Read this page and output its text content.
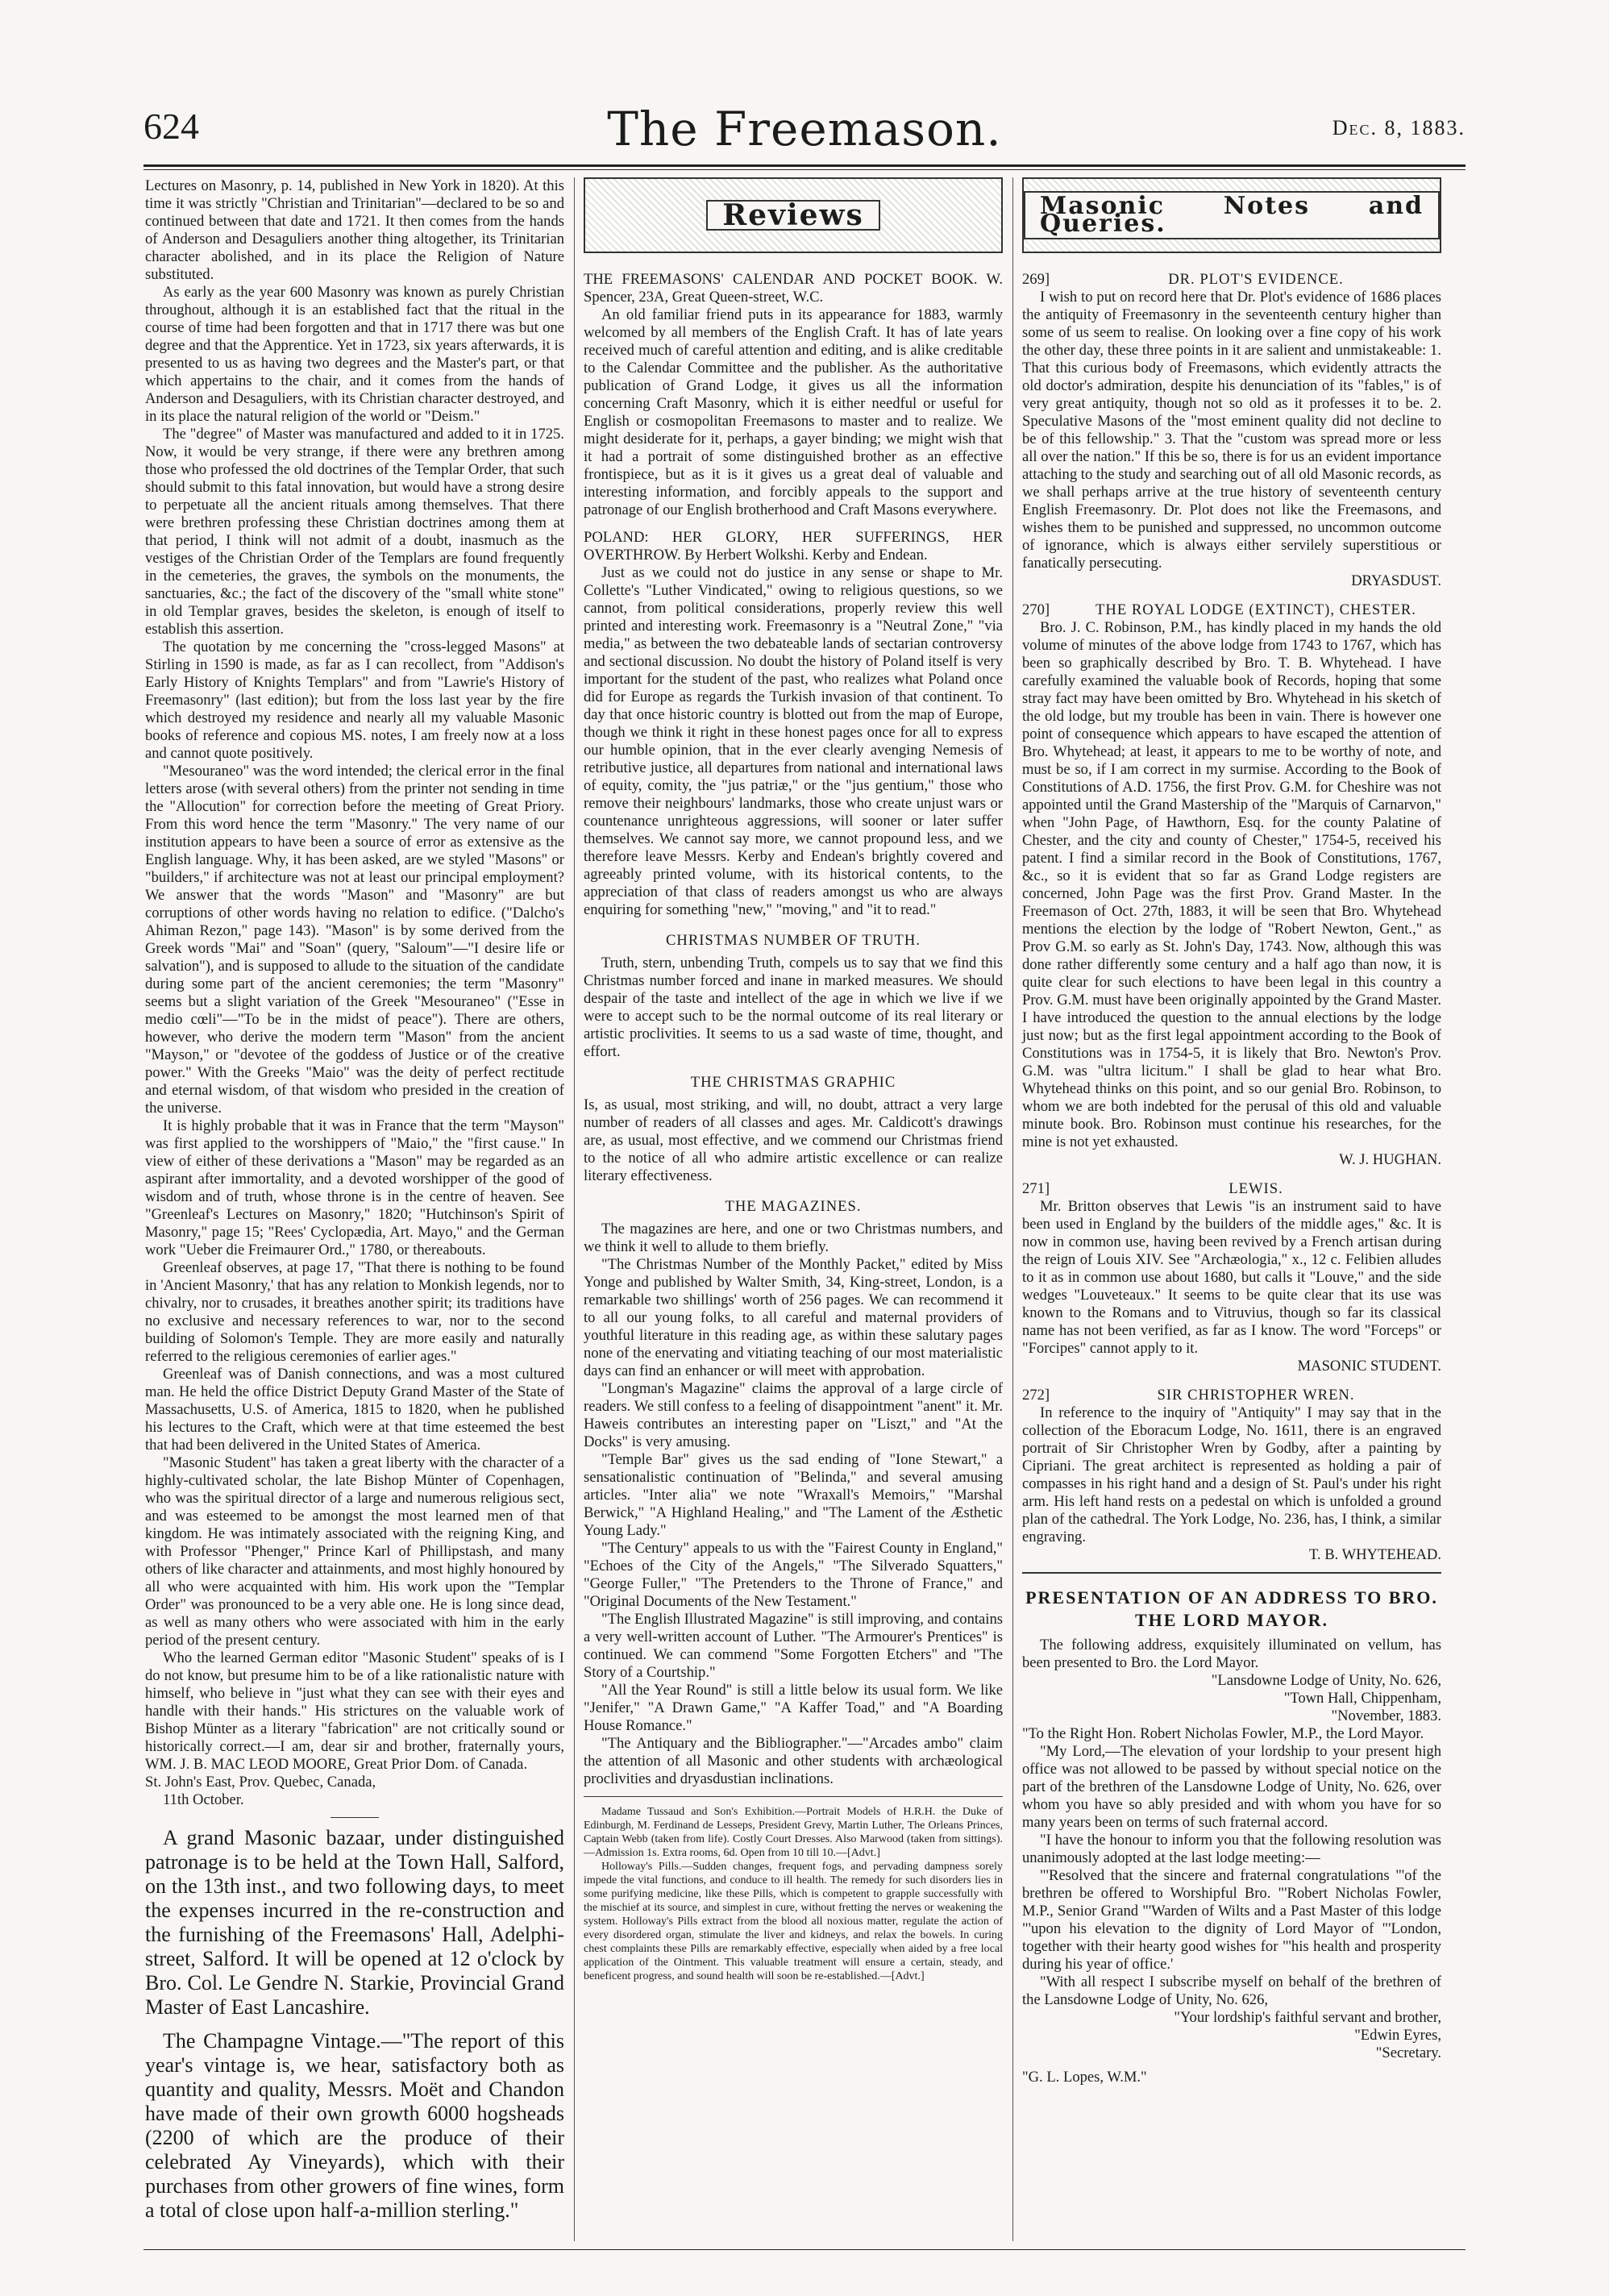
624	The Freemason.	Dec. 8, 1883.

Lectures on Masonry, p. 14, published in New York in 1820). At this time it was strictly "Christian and Trinitarian"—declared to be so and continued between that date and 1721. It then comes from the hands of Anderson and Desaguliers another thing altogether, its Trinitarian character abolished, and in its place the Religion of Nature substituted.

As early as the year 600 Masonry was known as purely Christian throughout, although it is an established fact that the ritual in the course of time had been forgotten and that in 1717 there was but one degree and that the Apprentice. Yet in 1723, six years afterwards, it is presented to us as having two degrees and the Master's part, or that which appertains to the chair, and it comes from the hands of Anderson and Desaguliers, with its Christian character destroyed, and in its place the natural religion of the world or "Deism."

The "degree" of Master was manufactured and added to it in 1725. Now, it would be very strange, if there were any brethren among those who professed the old doctrines of the Templar Order, that such should submit to this fatal innovation, but would have a strong desire to perpetuate all the ancient rituals among themselves. That there were brethren professing these Christian doctrines among them at that period, I think will not admit of a doubt, inasmuch as the vestiges of the Christian Order of the Templars are found frequently in the cemeteries, the graves, the symbols on the monuments, the sanctuaries, &c.; the fact of the discovery of the "small white stone" in old Templar graves, besides the skeleton, is enough of itself to establish this assertion.

The quotation by me concerning the "cross-legged Masons" at Stirling in 1590 is made, as far as I can recollect, from "Addison's Early History of Knights Templars" and from "Lawrie's History of Freemasonry" (last edition); but from the loss last year by the fire which destroyed my residence and nearly all my valuable Masonic books of reference and copious MS. notes, I am freely now at a loss and cannot quote positively.

"Mesouraneo" was the word intended; the clerical error in the final letters arose (with several others) from the printer not sending in time the "Allocution" for correction before the meeting of Great Priory. From this word hence the term "Masonry." The very name of our institution appears to have been a source of error as extensive as the English language. Why, it has been asked, are we styled "Masons" or "builders," if architecture was not at least our principal employment? We answer that the words "Mason" and "Masonry" are but corruptions of other words having no relation to edifice. ("Dalcho's Ahiman Rezon," page 143). "Mason" is by some derived from the Greek words "Mai" and "Soan" (query, "Saloum"—"I desire life or salvation"), and is supposed to allude to the situation of the candidate during some part of the ancient ceremonies; the term "Masonry" seems but a slight variation of the Greek "Mesouraneo" ("Esse in medio cœli"—"To be in the midst of peace"). There are others, however, who derive the modern term "Mason" from the ancient "Mayson," or "devotee of the goddess of Justice or of the creative power." With the Greeks "Maio" was the deity of perfect rectitude and eternal wisdom, of that wisdom who presided in the creation of the universe.

It is highly probable that it was in France that the term "Mayson" was first applied to the worshippers of "Maio," the "first cause." In view of either of these derivations a "Mason" may be regarded as an aspirant after immortality, and a devoted worshipper of the good of wisdom and of truth, whose throne is in the centre of heaven. See "Greenleaf's Lectures on Masonry," 1820; "Hutchinson's Spirit of Masonry," page 15; "Rees' Cyclopædia, Art. Mayo," and the German work "Ueber die Freimaurer Ord.," 1780, or thereabouts.

Greenleaf observes, at page 17, "That there is nothing to be found in 'Ancient Masonry,' that has any relation to Monkish legends, nor to chivalry, nor to crusades, it breathes another spirit; its traditions have no exclusive and necessary references to war, nor to the second building of Solomon's Temple. They are more easily and naturally referred to the religious ceremonies of earlier ages."

Greenleaf was of Danish connections, and was a most cultured man. He held the office District Deputy Grand Master of the State of Massachusetts, U.S. of America, 1815 to 1820, when he published his lectures to the Craft, which were at that time esteemed the best that had been delivered in the United States of America.

"Masonic Student" has taken a great liberty with the character of a highly-cultivated scholar, the late Bishop Münter of Copenhagen, who was the spiritual director of a large and numerous religious sect, and was esteemed to be amongst the most learned men of that kingdom. He was intimately associated with the reigning King, and with Professor "Phenger," Prince Karl of Phillipstash, and many others of like character and attainments, and most highly honoured by all who were acquainted with him. His work upon the "Templar Order" was pronounced to be a very able one. He is long since dead, as well as many others who were associated with him in the early period of the present century.

Who the learned German editor "Masonic Student" speaks of is I do not know, but presume him to be of a like rationalistic nature with himself, who believe in "just what they can see with their eyes and handle with their hands." His strictures on the valuable work of Bishop Münter as a literary "fabrication" are not critically sound or historically correct.—I am, dear sir and brother, fraternally yours, WM. J. B. MAC LEOD MOORE, Great Prior Dom. of Canada.

St. John's East, Prov. Quebec, Canada,

11th October.

A grand Masonic bazaar, under distinguished patronage is to be held at the Town Hall, Salford, on the 13th inst., and two following days, to meet the expenses incurred in the re-construction and the furnishing of the Freemasons' Hall, Adelphi-street, Salford. It will be opened at 12 o'clock by Bro. Col. Le Gendre N. Starkie, Provincial Grand Master of East Lancashire.

The Champagne Vintage.—"The report of this year's vintage is, we hear, satisfactory both as quantity and quality, Messrs. Moët and Chandon have made of their own growth 6000 hogsheads (2200 of which are the produce of their celebrated Ay Vineyards), which with their purchases from other growers of fine wines, form a total of close upon half-a-million sterling."

Reviews

THE FREEMASONS' CALENDAR AND POCKET BOOK. W. Spencer, 23A, Great Queen-street, W.C.

An old familiar friend puts in its appearance for 1883, warmly welcomed by all members of the English Craft. It has of late years received much of careful attention and editing, and is alike creditable to the Calendar Committee and the publisher. As the authoritative publication of Grand Lodge, it gives us all the information concerning Craft Masonry, which it is either needful or useful for English or cosmopolitan Freemasons to master and to realize. We might desiderate for it, perhaps, a gayer binding; we might wish that it had a portrait of some distinguished brother as an effective frontispiece, but as it is it gives us a great deal of valuable and interesting information, and forcibly appeals to the support and patronage of our English brotherhood and Craft Masons everywhere.

POLAND: HER GLORY, HER SUFFERINGS, HER OVERTHROW. By Herbert Wolkshi. Kerby and Endean.

Just as we could not do justice in any sense or shape to Mr. Collette's "Luther Vindicated," owing to religious questions, so we cannot, from political considerations, properly review this well printed and interesting work. Freemasonry is a "Neutral Zone," "via media," as between the two debateable lands of sectarian controversy and sectional discussion. No doubt the history of Poland itself is very important for the student of the past, who realizes what Poland once did for Europe as regards the Turkish invasion of that continent. To day that once historic country is blotted out from the map of Europe, though we think it right in these honest pages once for all to express our humble opinion, that in the ever clearly avenging Nemesis of retributive justice, all departures from national and international laws of equity, comity, the "jus patriæ," or the "jus gentium," those who remove their neighbours' landmarks, those who create unjust wars or countenance unrighteous aggressions, will sooner or later suffer themselves. We cannot say more, we cannot propound less, and we therefore leave Messrs. Kerby and Endean's brightly covered and agreeably printed volume, with its historical contents, to the appreciation of that class of readers amongst us who are always enquiring for something "new," "moving," and "it to read."

CHRISTMAS NUMBER OF TRUTH.

Truth, stern, unbending Truth, compels us to say that we find this Christmas number forced and inane in marked measures. We should despair of the taste and intellect of the age in which we live if we were to accept such to be the normal outcome of its real literary or artistic proclivities. It seems to us a sad waste of time, thought, and effort.

THE CHRISTMAS GRAPHIC

Is, as usual, most striking, and will, no doubt, attract a very large number of readers of all classes and ages. Mr. Caldicott's drawings are, as usual, most effective, and we commend our Christmas friend to the notice of all who admire artistic excellence or can realize literary effectiveness.

THE MAGAZINES.

The magazines are here, and one or two Christmas numbers, and we think it well to allude to them briefly.

"The Christmas Number of the Monthly Packet," edited by Miss Yonge and published by Walter Smith, 34, King-street, London, is a remarkable two shillings' worth of 256 pages. We can recommend it to all our young folks, to all careful and maternal providers of youthful literature in this reading age, as within these salutary pages none of the enervating and vitiating teaching of our most materialistic days can find an enhancer or will meet with approbation.

"Longman's Magazine" claims the approval of a large circle of readers. We still confess to a feeling of disappointment "anent" it. Mr. Haweis contributes an interesting paper on "Liszt," and "At the Docks" is very amusing.

"Temple Bar" gives us the sad ending of "Ione Stewart," a sensationalistic continuation of "Belinda," and several amusing articles. "Inter alia" we note "Wraxall's Memoirs," "Marshal Berwick," "A Highland Healing," and "The Lament of the Æsthetic Young Lady."

"The Century" appeals to us with the "Fairest County in England," "Echoes of the City of the Angels," "The Silverado Squatters," "George Fuller," "The Pretenders to the Throne of France," and "Original Documents of the New Testament."

"The English Illustrated Magazine" is still improving, and contains a very well-written account of Luther. "The Armourer's Prentices" is continued. We can commend "Some Forgotten Etchers" and "The Story of a Courtship."

"All the Year Round" is still a little below its usual form. We like "Jenifer," "A Drawn Game," "A Kaffer Toad," and "A Boarding House Romance."

"The Antiquary and the Bibliographer."—"Arcades ambo" claim the attention of all Masonic and other students with archæological proclivities and dryasdustian inclinations.

Madame Tussaud and Son's Exhibition.—Portrait Models of H.R.H. the Duke of Edinburgh, M. Ferdinand de Lesseps, President Grevy, Martin Luther, The Orleans Princes, Captain Webb (taken from life). Costly Court Dresses. Also Marwood (taken from sittings).—Admission 1s. Extra rooms, 6d. Open from 10 till 10.—[Advt.]

Holloway's Pills.—Sudden changes, frequent fogs, and pervading dampness sorely impede the vital functions, and conduce to ill health. The remedy for such disorders lies in some purifying medicine, like these Pills, which is competent to grapple successfully with the mischief at its source, and simplest in cure, without fretting the nerves or weakening the system. Holloway's Pills extract from the blood all noxious matter, regulate the action of every disordered organ, stimulate the liver and kidneys, and relax the bowels. In curing chest complaints these Pills are remarkably effective, especially when aided by a free local application of the Ointment. This valuable treatment will ensure a certain, steady, and beneficent progress, and sound health will soon be re-established.—[Advt.]

Masonic Notes and Queries.

269]	DR. PLOT'S EVIDENCE.

I wish to put on record here that Dr. Plot's evidence of 1686 places the antiquity of Freemasonry in the seventeenth century higher than some of us seem to realise. On looking over a fine copy of his work the other day, these three points in it are salient and unmistakeable: 1. That this curious body of Freemasons, which evidently attracts the old doctor's admiration, despite his denunciation of its "fables," is of very great antiquity, though not so old as it professes it to be. 2. Speculative Masons of the "most eminent quality did not decline to be of this fellowship." 3. That the "custom was spread more or less all over the nation." If this be so, there is for us an evident importance attaching to the study and searching out of all old Masonic records, as we shall perhaps arrive at the true history of seventeenth century English Freemasonry. Dr. Plot does not like the Freemasons, and wishes them to be punished and suppressed, no uncommon outcome of ignorance, which is always either servilely superstitious or fanatically persecuting.

DRYASDUST.

270]	THE ROYAL LODGE (EXTINCT), CHESTER.

Bro. J. C. Robinson, P.M., has kindly placed in my hands the old volume of minutes of the above lodge from 1743 to 1767, which has been so graphically described by Bro. T. B. Whytehead. I have carefully examined the valuable book of Records, hoping that some stray fact may have been omitted by Bro. Whytehead in his sketch of the old lodge, but my trouble has been in vain. There is however one point of consequence which appears to have escaped the attention of Bro. Whytehead; at least, it appears to me to be worthy of note, and must be so, if I am correct in my surmise. According to the Book of Constitutions of A.D. 1756, the first Prov. G.M. for Cheshire was not appointed until the Grand Mastership of the "Marquis of Carnarvon," when "John Page, of Hawthorn, Esq. for the county Palatine of Chester, and the city and county of Chester," 1754-5, received his patent. I find a similar record in the Book of Constitutions, 1767, &c., so it is evident that so far as Grand Lodge registers are concerned, John Page was the first Prov. Grand Master. In the Freemason of Oct. 27th, 1883, it will be seen that Bro. Whytehead mentions the election by the lodge of "Robert Newton, Gent.," as Prov G.M. so early as St. John's Day, 1743. Now, although this was done rather differently some century and a half ago than now, it is quite clear for such elections to have been legal in this country a Prov. G.M. must have been originally appointed by the Grand Master. I have introduced the question to the annual elections by the lodge just now; but as the first legal appointment according to the Book of Constitutions was in 1754-5, it is likely that Bro. Newton's Prov. G.M. was "ultra licitum." I shall be glad to hear what Bro. Whytehead thinks on this point, and so our genial Bro. Robinson, to whom we are both indebted for the perusal of this old and valuable minute book. Bro. Robinson must continue his researches, for the mine is not yet exhausted.

W. J. HUGHAN.

271]	LEWIS.

Mr. Britton observes that Lewis "is an instrument said to have been used in England by the builders of the middle ages," &c. It is now in common use, having been revived by a French artisan during the reign of Louis XIV. See "Archæologia," x., 12 c. Felibien alludes to it as in common use about 1680, but calls it "Louve," and the side wedges "Louveteaux." It seems to be quite clear that its use was known to the Romans and to Vitruvius, though so far its classical name has not been verified, as far as I know. The word "Forceps" or "Forcipes" cannot apply to it.

MASONIC STUDENT.

272]	SIR CHRISTOPHER WREN.

In reference to the inquiry of "Antiquity" I may say that in the collection of the Eboracum Lodge, No. 1611, there is an engraved portrait of Sir Christopher Wren by Godby, after a painting by Cipriani. The great architect is represented as holding a pair of compasses in his right hand and a design of St. Paul's under his right arm. His left hand rests on a pedestal on which is unfolded a ground plan of the cathedral. The York Lodge, No. 236, has, I think, a similar engraving.

T. B. WHYTEHEAD.

PRESENTATION OF AN ADDRESS TO BRO. THE LORD MAYOR.

The following address, exquisitely illuminated on vellum, has been presented to Bro. the Lord Mayor.

"Lansdowne Lodge of Unity, No. 626,

"Town Hall, Chippenham,

"November, 1883.

"To the Right Hon. Robert Nicholas Fowler, M.P., the Lord Mayor.

"My Lord,—The elevation of your lordship to your present high office was not allowed to be passed by without special notice on the part of the brethren of the Lansdowne Lodge of Unity, No. 626, over whom you have so ably presided and with whom you have for so many years been on terms of such fraternal accord.

"I have the honour to inform you that the following resolution was unanimously adopted at the last lodge meeting:—

"'Resolved that the sincere and fraternal congratulations "'of the brethren be offered to Worshipful Bro. "'Robert Nicholas Fowler, M.P., Senior Grand "'Warden of Wilts and a Past Master of this lodge "'upon his elevation to the dignity of Lord Mayor of "'London, together with their hearty good wishes for "'his health and prosperity during his year of office.'

"With all respect I subscribe myself on behalf of the brethren of the Lansdowne Lodge of Unity, No. 626,

"Your lordship's faithful servant and brother,

"Edwin Eyres,

"Secretary.

"G. L. Lopes, W.M."
